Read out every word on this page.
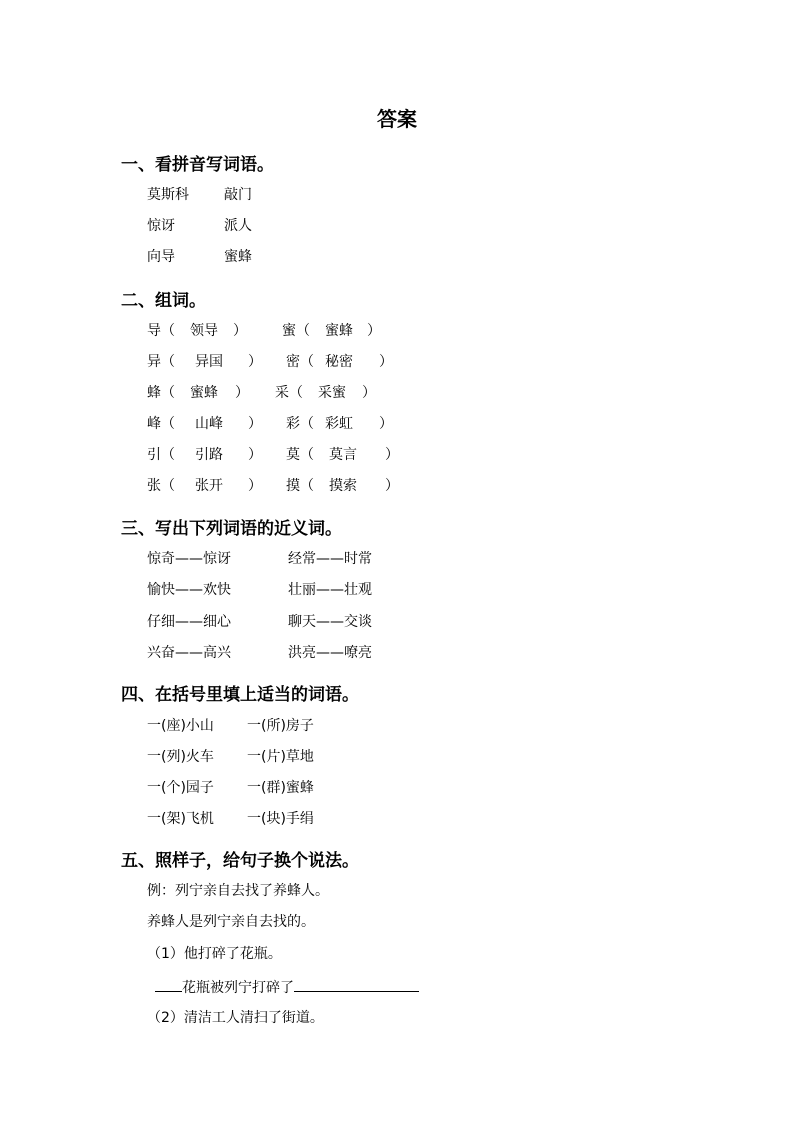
答案
一、看拼音写词语。
莫斯科	敲门
惊讶	派人
向导	蜜蜂
二、组词。
导（ 领导 ）	蜜（ 蜜蜂 ）
异（ 异国 ） 密（ 秘密 ）
蜂（ 蜜蜂 ） 采（ 采蜜 ）
峰（ 山峰 ） 彩（ 彩虹 ）
引（ 引路 ） 莫（ 莫言 ）
张（ 张开 ） 摸（ 摸索 ）
三、写出下列词语的近义词。
惊奇——惊讶	经常——时常
愉快——欢快	壮丽——壮观
仔细——细心	聊天——交谈
兴奋——高兴	洪亮——嘹亮
四、在括号里填上适当的词语。
一(座)小山 一(所)房子
一(列)火车 一(片)草地
一(个)园子 一(群)蜜蜂
一(架)飞机 一(块)手绢
五、照样子，给句子换个说法。
例：列宁亲自去找了养蜂人。
养蜂人是列宁亲自去找的。
（1）他打碎了花瓶。
花瓶被列宁打碎了
（2）清洁工人清扫了街道。
